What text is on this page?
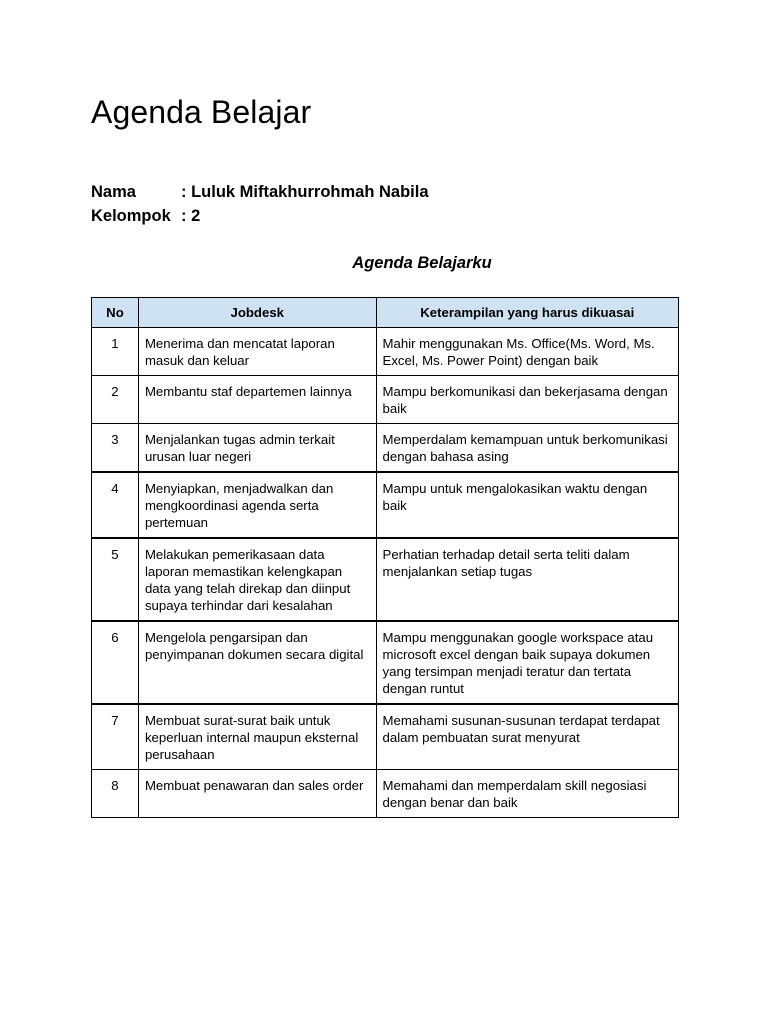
Agenda Belajar
Nama	: Luluk Miftakhurrohmah Nabila
Kelompok : 2
Agenda Belajarku
No	Jobdesk	Keterampilan yang harus dikuasai
1	Menerima dan mencatat laporan masuk dan keluar	Mahir menggunakan Ms. Office(Ms. Word, Ms. Excel, Ms. Power Point) dengan baik
2	Membantu staf departemen lainnya	Mampu berkomunikasi dan bekerjasama dengan baik
3	Menjalankan tugas admin terkait urusan luar negeri	Memperdalam kemampuan untuk berkomunikasi dengan bahasa asing
4	Menyiapkan, menjadwalkan dan mengkoordinasi agenda serta pertemuan	Mampu untuk mengalokasikan waktu dengan baik
5	Melakukan pemerikasaan data laporan memastikan kelengkapan data yang telah direkap dan diinput supaya terhindar dari kesalahan	Perhatian terhadap detail serta teliti dalam menjalankan setiap tugas
6	Mengelola pengarsipan dan penyimpanan dokumen secara digital	Mampu menggunakan google workspace atau microsoft excel dengan baik supaya dokumen yang tersimpan menjadi teratur dan tertata dengan runtut
7	Membuat surat-surat baik untuk keperluan internal maupun eksternal perusahaan	Memahami susunan-susunan terdapat terdapat dalam pembuatan surat menyurat
8	Membuat penawaran dan sales order	Memahami dan memperdalam skill negosiasi dengan benar dan baik
